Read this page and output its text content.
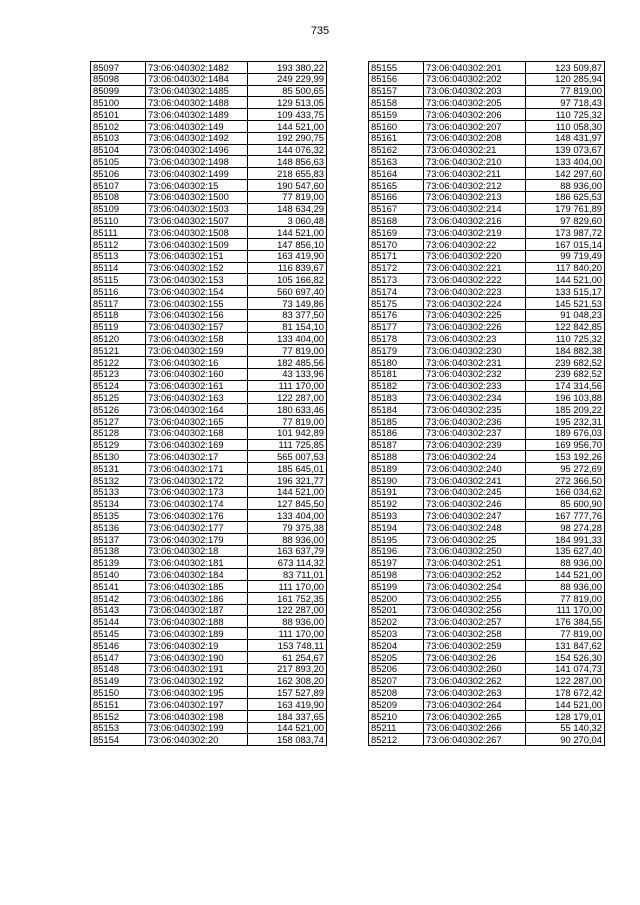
735
85097	73:06:040302:1482	193 380,22
85098	73:06:040302:1484	249 229,99
85099	73:06:040302:1485	85 500,65
85100	73:06:040302:1488	129 513,05
85101	73:06:040302:1489	109 433,75
85102	73:06:040302:149	144 521,00
85103	73:06:040302:1492	192 290,75
85104	73:06:040302:1496	144 076,32
85105	73:06:040302:1498	148 856,63
85106	73:06:040302:1499	218 655,83
85107	73:06:040302:15	190 547,60
85108	73:06:040302:1500	77 819,00
85109	73:06:040302:1503	148 634,29
85110	73:06:040302:1507	3 060,48
85111	73:06:040302:1508	144 521,00
85112	73:06:040302:1509	147 856,10
85113	73:06:040302:151	163 419,90
85114	73:06:040302:152	116 839,67
85115	73:06:040302:153	105 166,82
85116	73:06:040302:154	560 697,40
85117	73:06:040302:155	73 149,86
85118	73:06:040302:156	83 377,50
85119	73:06:040302:157	81 154,10
85120	73:06:040302:158	133 404,00
85121	73:06:040302:159	77 819,00
85122	73:06:040302:16	182 485,56
85123	73:06:040302:160	43 133,96
85124	73:06:040302:161	111 170,00
85125	73:06:040302:163	122 287,00
85126	73:06:040302:164	180 633,46
85127	73:06:040302:165	77 819,00
85128	73:06:040302:168	101 942,89
85129	73:06:040302:169	111 725,85
85130	73:06:040302:17	565 007,53
85131	73:06:040302:171	185 645,01
85132	73:06:040302:172	196 321,77
85133	73:06:040302:173	144 521,00
85134	73:06:040302:174	127 845,50
85135	73:06:040302:176	133 404,00
85136	73:06:040302:177	79 375,38
85137	73:06:040302:179	88 936,00
85138	73:06:040302:18	163 637,79
85139	73:06:040302:181	673 114,32
85140	73:06:040302:184	83 711,01
85141	73:06:040302:185	111 170,00
85142	73:06:040302:186	161 752,35
85143	73:06:040302:187	122 287,00
85144	73:06:040302:188	88 936,00
85145	73:06:040302:189	111 170,00
85146	73:06:040302:19	153 748,11
85147	73:06:040302:190	61 254,67
85148	73:06:040302:191	217 893,20
85149	73:06:040302:192	162 308,20
85150	73:06:040302:195	157 527,89
85151	73:06:040302:197	163 419,90
85152	73:06:040302:198	184 337,65
85153	73:06:040302:199	144 521,00
85154	73:06:040302:20	158 083,74
85155	73:06:040302:201	123 509,87
85156	73:06:040302:202	120 285,94
85157	73:06:040302:203	77 819,00
85158	73:06:040302:205	97 718,43
85159	73:06:040302:206	110 725,32
85160	73:06:040302:207	110 058,30
85161	73:06:040302:208	148 431,97
85162	73:06:040302:21	139 073,67
85163	73:06:040302:210	133 404,00
85164	73:06:040302:211	142 297,60
85165	73:06:040302:212	88 936,00
85166	73:06:040302:213	186 625,53
85167	73:06:040302:214	179 761,89
85168	73:06:040302:216	97 829,60
85169	73:06:040302:219	173 987,72
85170	73:06:040302:22	167 015,14
85171	73:06:040302:220	99 719,49
85172	73:06:040302:221	117 840,20
85173	73:06:040302:222	144 521,00
85174	73:06:040302:223	133 515,17
85175	73:06:040302:224	145 521,53
85176	73:06:040302:225	91 048,23
85177	73:06:040302:226	122 842,85
85178	73:06:040302:23	110 725,32
85179	73:06:040302:230	184 882,38
85180	73:06:040302:231	239 682,52
85181	73:06:040302:232	239 682,52
85182	73:06:040302:233	174 314,56
85183	73:06:040302:234	196 103,88
85184	73:06:040302:235	185 209,22
85185	73:06:040302:236	195 232,31
85186	73:06:040302:237	189 676,03
85187	73:06:040302:239	169 956,70
85188	73:06:040302:24	153 192,26
85189	73:06:040302:240	95 272,69
85190	73:06:040302:241	272 366,50
85191	73:06:040302:245	166 034,62
85192	73:06:040302:246	85 600,90
85193	73:06:040302:247	167 777,76
85194	73:06:040302:248	98 274,28
85195	73:06:040302:25	184 991,33
85196	73:06:040302:250	135 627,40
85197	73:06:040302:251	88 936,00
85198	73:06:040302:252	144 521,00
85199	73:06:040302:254	88 936,00
85200	73:06:040302:255	77 819,00
85201	73:06:040302:256	111 170,00
85202	73:06:040302:257	176 384,55
85203	73:06:040302:258	77 819,00
85204	73:06:040302:259	131 847,62
85205	73:06:040302:26	154 526,30
85206	73:06:040302:260	141 074,73
85207	73:06:040302:262	122 287,00
85208	73:06:040302:263	178 672,42
85209	73:06:040302:264	144 521,00
85210	73:06:040302:265	128 179,01
85211	73:06:040302:266	55 140,32
85212	73:06:040302:267	90 270,04
